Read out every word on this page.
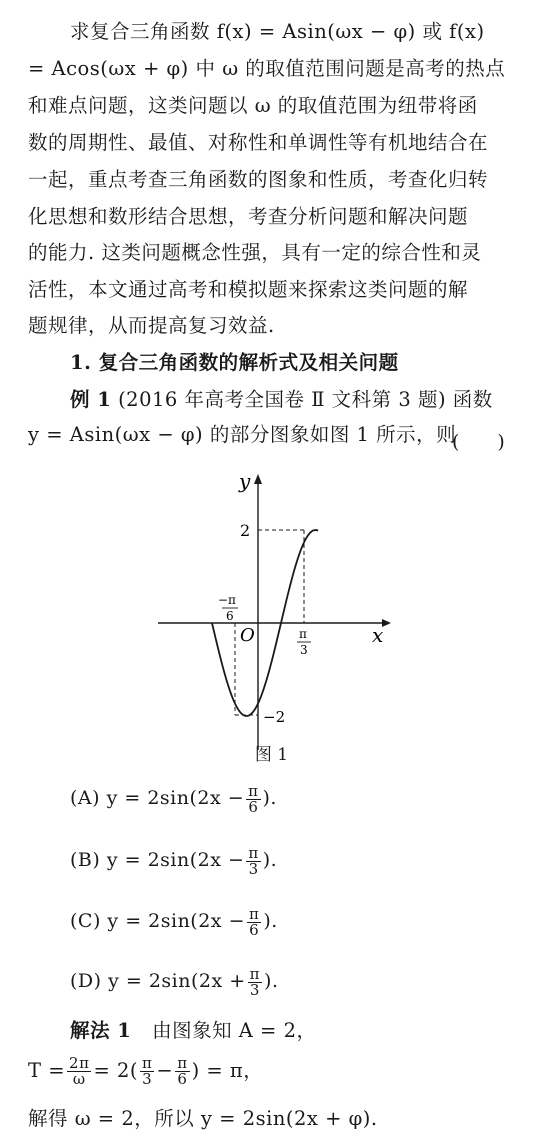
求复合三角函数 f(x) = Asin(ωx − φ) 或 f(x)
= Acos(ωx + φ) 中 ω 的取值范围问题是高考的热点
和难点问题，这类问题以 ω 的取值范围为纽带将函
数的周期性、最值、对称性和单调性等有机地结合在
一起，重点考查三角函数的图象和性质，考查化归转
化思想和数形结合思想，考查分析问题和解决问题
的能力. 这类问题概念性强，具有一定的综合性和灵
活性，本文通过高考和模拟题来探索这类问题的解
题规律，从而提高复习效益.
1. 复合三角函数的解析式及相关问题
例 1 (2016 年高考全国卷 Ⅱ 文科第 3 题) 函数
y = Asin(ωx − φ) 的部分图象如图 1 所示，则
(　　)
y
x
O
2
−2
−π
6
π
3
图 1
(A) $y = 2\sin(2x - \frac{\pi}{6}$ ).
(B) $y = 2\sin(2x - \frac{\pi}{3}$ ).
(C) $y = 2\sin(2x - \frac{\pi}{6}$ ).
(D) $y = 2\sin(2x + \frac{\pi}{3}$ ).
解法 1 由图象知 A = 2，
$T = \frac{2\pi}{\omega} = 2( \frac{\pi}{3} - \frac{\pi}{6}$ ) = π，
解得 ω = 2，所以 y = 2sin(2x + φ).
